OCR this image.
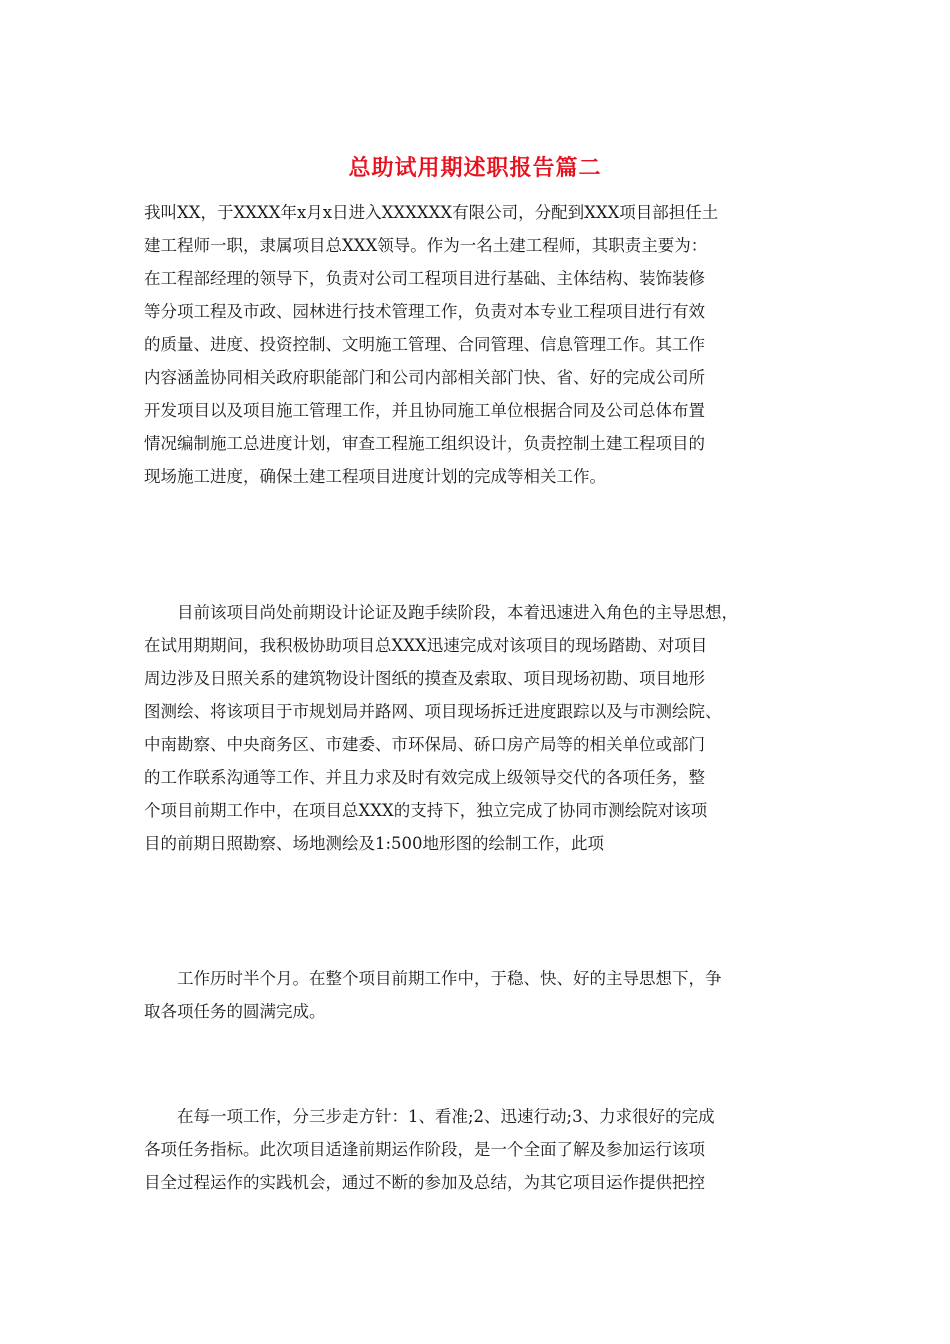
总助试用期述职报告篇二
我叫XX，于XXXX年x月x日进入XXXXXX有限公司，分配到XXX项目部担任土
建工程师一职，隶属项目总XXX领导。作为一名土建工程师，其职责主要为：
在工程部经理的领导下，负责对公司工程项目进行基础、主体结构、装饰装修
等分项工程及市政、园林进行技术管理工作，负责对本专业工程项目进行有效
的质量、进度、投资控制、文明施工管理、合同管理、信息管理工作。其工作
内容涵盖协同相关政府职能部门和公司内部相关部门快、省、好的完成公司所
开发项目以及项目施工管理工作，并且协同施工单位根据合同及公司总体布置
情况编制施工总进度计划，审查工程施工组织设计，负责控制土建工程项目的
现场施工进度，确保土建工程项目进度计划的完成等相关工作。
　　目前该项目尚处前期设计论证及跑手续阶段，本着迅速进入角色的主导思想，
在试用期期间，我积极协助项目总XXX迅速完成对该项目的现场踏勘、对项目
周边涉及日照关系的建筑物设计图纸的摸查及索取、项目现场初勘、项目地形
图测绘、将该项目于市规划局并路网、项目现场拆迁进度跟踪以及与市测绘院、
中南勘察、中央商务区、市建委、市环保局、硚口房产局等的相关单位或部门
的工作联系沟通等工作、并且力求及时有效完成上级领导交代的各项任务，整
个项目前期工作中，在项目总XXX的支持下，独立完成了协同市测绘院对该项
目的前期日照勘察、场地测绘及1:500地形图的绘制工作，此项
　　工作历时半个月。在整个项目前期工作中，于稳、快、好的主导思想下，争
取各项任务的圆满完成。
　　在每一项工作，分三步走方针：1、看准;2、迅速行动;3、力求很好的完成
各项任务指标。此次项目适逢前期运作阶段，是一个全面了解及参加运行该项
目全过程运作的实践机会，通过不断的参加及总结，为其它项目运作提供把控
